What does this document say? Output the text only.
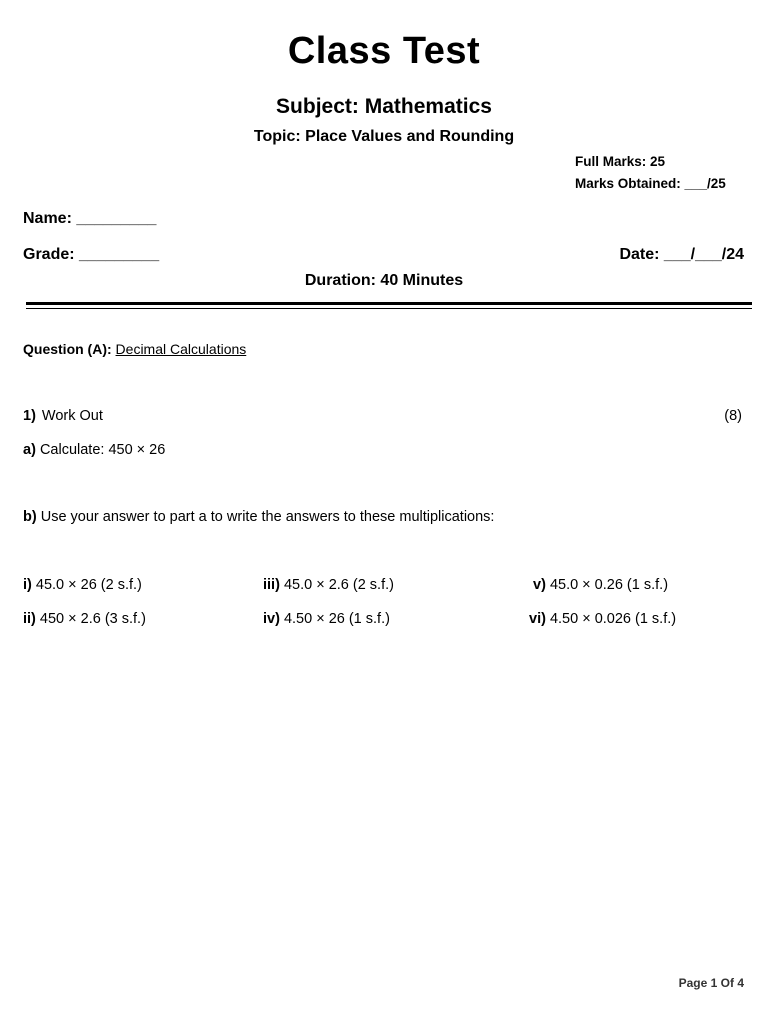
Class Test
Subject: Mathematics
Topic: Place Values and Rounding
Full Marks: 25
Marks Obtained: ___/25
Name: _________
Grade: _________	Date: ___/___/24
Duration: 40 Minutes
Question (A): Decimal Calculations
1) Work Out	(8)
a) Calculate: 450 × 26
b) Use your answer to part a to write the answers to these multiplications:
i) 45.0 × 26 (2 s.f.)
ii) 450 × 2.6 (3 s.f.)
iii) 45.0 × 2.6 (2 s.f.)
iv) 4.50 × 26 (1 s.f.)
v) 45.0 × 0.26 (1 s.f.)
vi) 4.50 × 0.026 (1 s.f.)
Page 1 Of 4
